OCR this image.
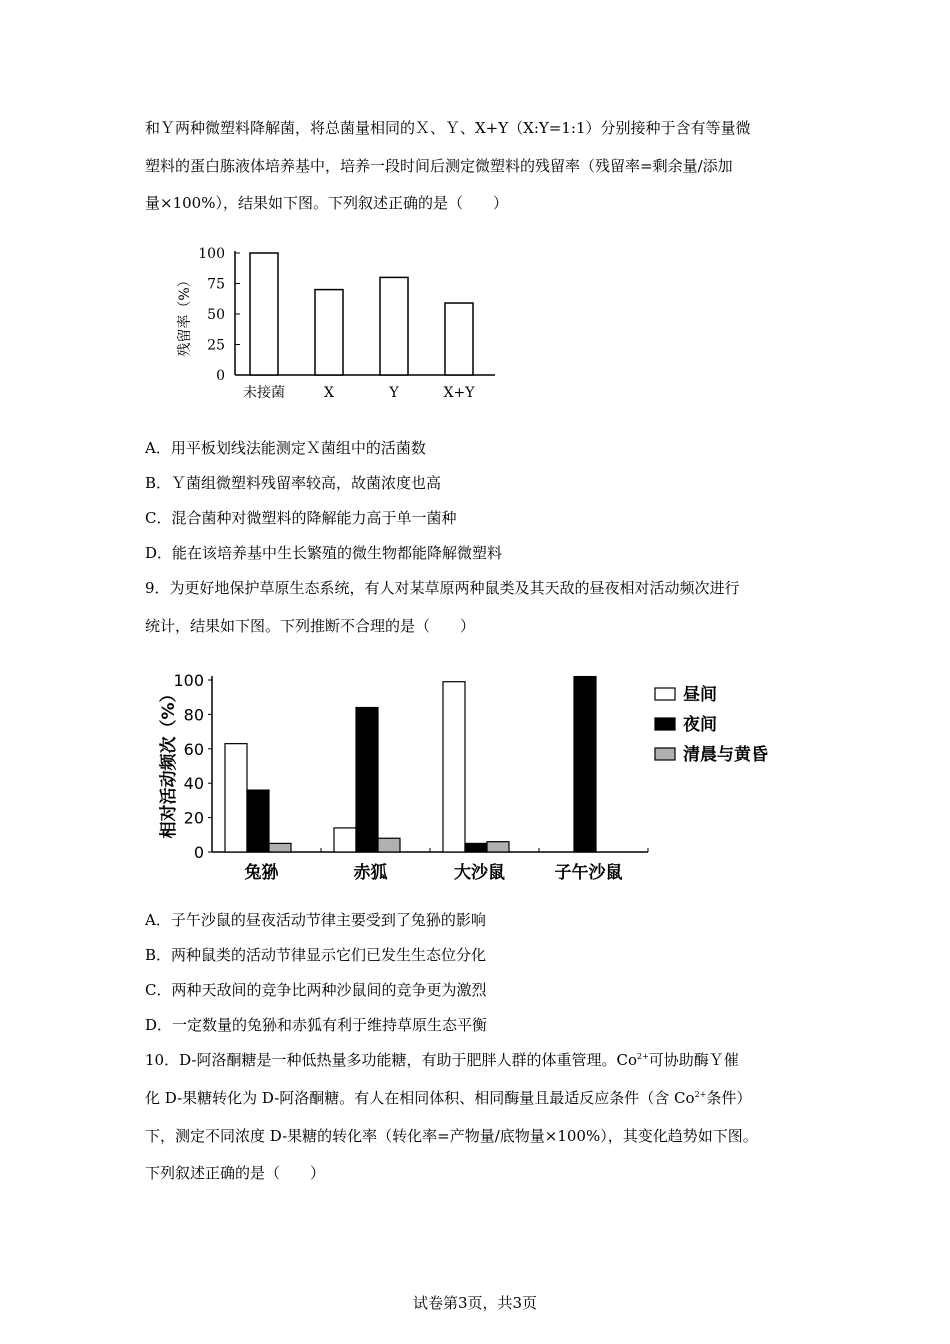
和Ｙ两种微塑料降解菌，将总菌量相同的Ｘ、Ｙ、X+Y（X:Y=1:1）分别接种于含有等量微
塑料的蛋白胨液体培养基中，培养一段时间后测定微塑料的残留率（残留率=剩余量/添加
量×100%），结果如下图。下列叙述正确的是（　　）
0
25
50
75
100
未接菌	X	Y	X+Y
残留率（%）
A．用平板划线法能测定Ｘ菌组中的活菌数
B．Ｙ菌组微塑料残留率较高，故菌浓度也高
C．混合菌种对微塑料的降解能力高于单一菌种
D．能在该培养基中生长繁殖的微生物都能降解微塑料
9．为更好地保护草原生态系统，有人对某草原两种鼠类及其天敌的昼夜相对活动频次进行
统计，结果如下图。下列推断不合理的是（　　）
0
20
40
60
80
100
兔狲	赤狐	大沙鼠	子午沙鼠
昼间
夜间
清晨与黄昏
相对活动频次（%）
A．子午沙鼠的昼夜活动节律主要受到了兔狲的影响
B．两种鼠类的活动节律显示它们已发生生态位分化
C．两种天敌间的竞争比两种沙鼠间的竞争更为激烈
D．一定数量的兔狲和赤狐有利于维持草原生态平衡
10．D-阿洛酮糖是一种低热量多功能糖，有助于肥胖人群的体重管理。$Co^{2+}$可协助酶Ｙ催
化 D-果糖转化为 D-阿洛酮糖。有人在相同体积、相同酶量且最适反应条件（含 $Co^{2+}$条件）
下，测定不同浓度 D-果糖的转化率（转化率=产物量/底物量×100%），其变化趋势如下图。
下列叙述正确的是（　　）
试卷第3页，共3页
